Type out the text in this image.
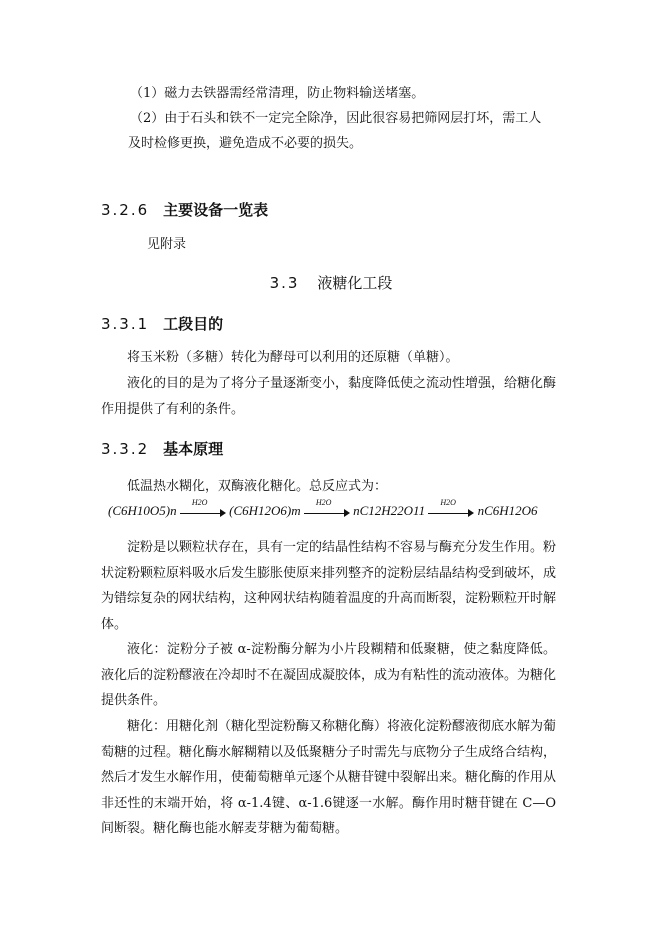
（1）磁力去铁器需经常清理，防止物料输送堵塞。
（2）由于石头和铁不一定完全除净，因此很容易把筛网层打坏，需工人
及时检修更换，避免造成不必要的损失。
3.2.6 主要设备一览表
见附录
3.3 液糖化工段
3.3.1 工段目的
将玉米粉（多糖）转化为酵母可以利用的还原糖（单糖）。
液化的目的是为了将分子量逐渐变小，黏度降低使之流动性增强，给糖化酶作用提供了有利的条件。
3.3.2 基本原理
低温热水糊化，双酶液化糖化。总反应式为：
(C6H10O5)n
H2O
(C6H12O6)m
H2O
nC12H22O11
H2O
nC6H12O6
淀粉是以颗粒状存在，具有一定的结晶性结构不容易与酶充分发生作用。粉状淀粉颗粒原料吸水后发生膨胀使原来排列整齐的淀粉层结晶结构受到破坏，成为错综复杂的网状结构，这种网状结构随着温度的升高而断裂，淀粉颗粒开时解体。
液化：淀粉分子被 α-淀粉酶分解为小片段糊精和低聚糖，使之黏度降低。液化后的淀粉醪液在冷却时不在凝固成凝胶体，成为有粘性的流动液体。为糖化提供条件。
糖化：用糖化剂（糖化型淀粉酶又称糖化酶）将液化淀粉醪液彻底水解为葡萄糖的过程。糖化酶水解糊精以及低聚糖分子时需先与底物分子生成络合结构，然后才发生水解作用，使葡萄糖单元逐个从糖苷键中裂解出来。糖化酶的作用从非还性的末端开始，将 α-1.4键、α-1.6键逐一水解。酶作用时糖苷键在 C—O 间断裂。糖化酶也能水解麦芽糖为葡萄糖。
